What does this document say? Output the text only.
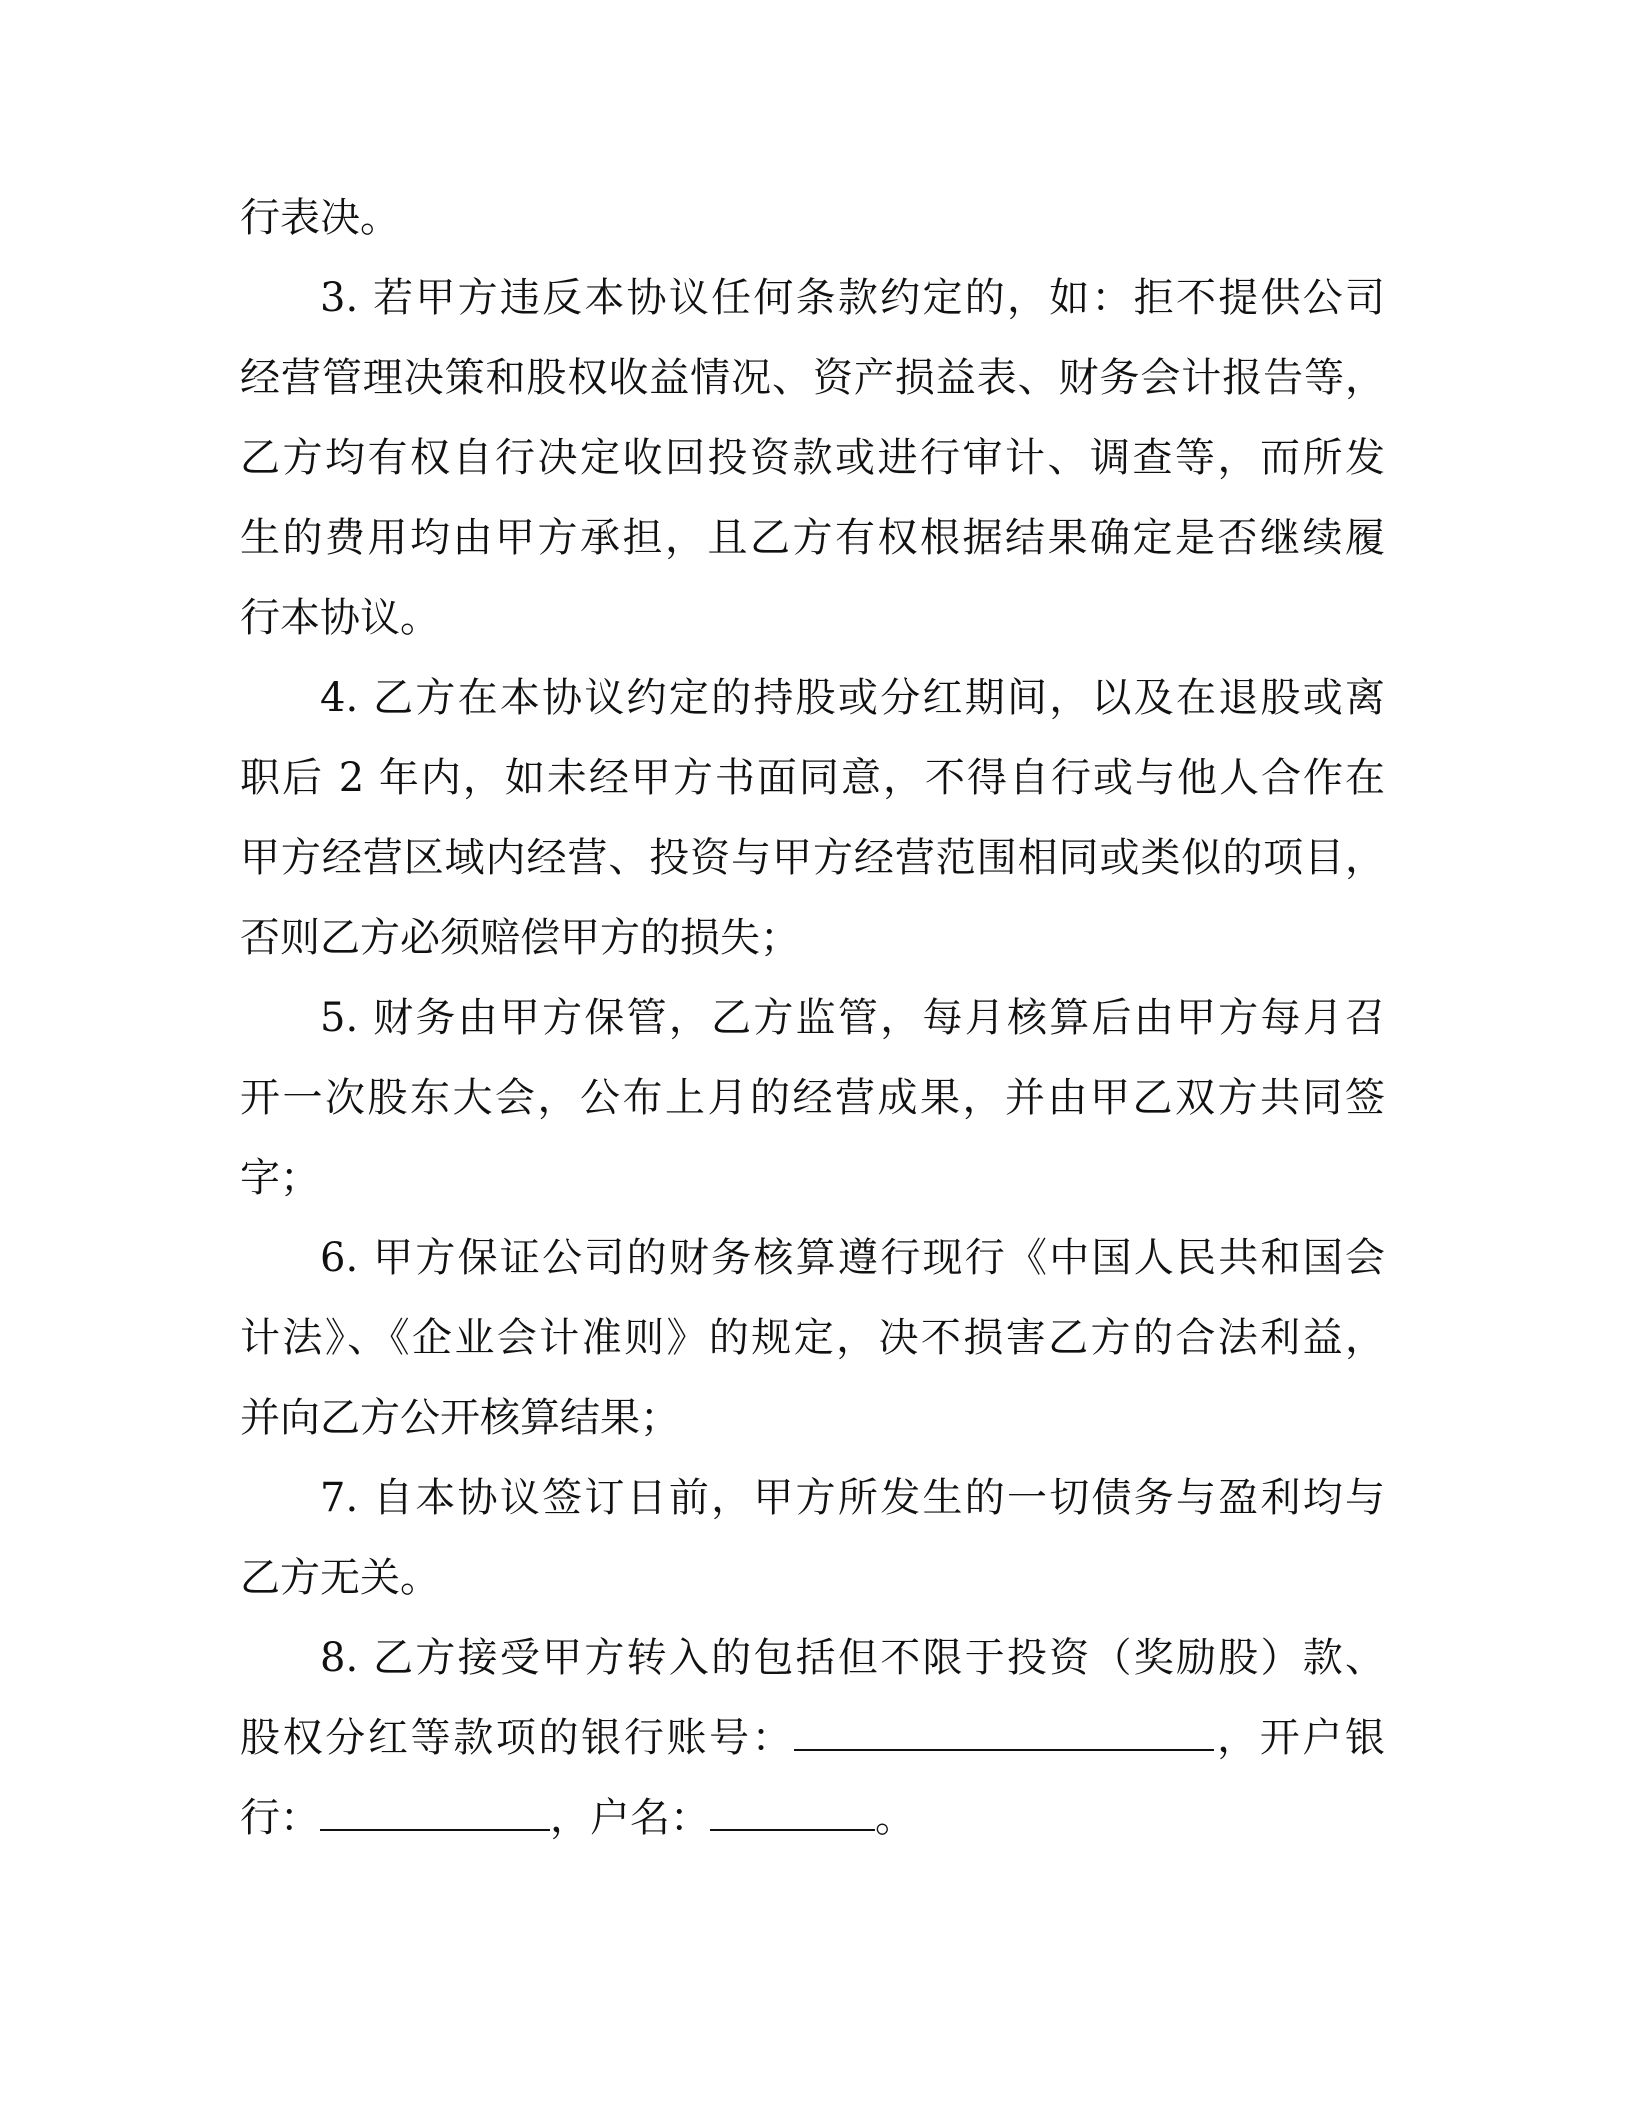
行表决。
3. 若甲方违反本协议任何条款约定的，如：拒不提供公司
经营管理决策和股权收益情况、资产损益表、财务会计报告等，
乙方均有权自行决定收回投资款或进行审计、调查等，而所发
生的费用均由甲方承担，且乙方有权根据结果确定是否继续履
行本协议。
4. 乙方在本协议约定的持股或分红期间，以及在退股或离
职后 2 年内，如未经甲方书面同意，不得自行或与他人合作在
甲方经营区域内经营、投资与甲方经营范围相同或类似的项目，
否则乙方必须赔偿甲方的损失；
5. 财务由甲方保管，乙方监管，每月核算后由甲方每月召
开一次股东大会，公布上月的经营成果，并由甲乙双方共同签
字；
6. 甲方保证公司的财务核算遵行现行《中国人民共和国会
计法》、《企业会计准则》的规定，决不损害乙方的合法利益，
并向乙方公开核算结果；
7. 自本协议签订日前，甲方所发生的一切债务与盈利均与
乙方无关。
8. 乙方接受甲方转入的包括但不限于投资（奖励股）款、
股权分红等款项的银行账号：	，开户银
行：	，户名：	。
